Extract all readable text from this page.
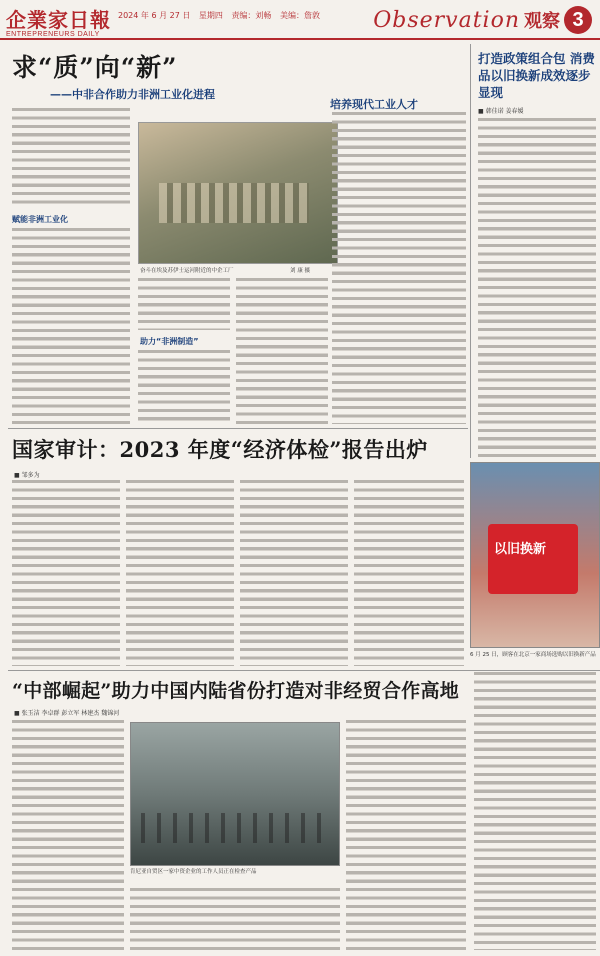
企業家日報
ENTREPRENEURS DAILY
2024 年 6 月 27 日 星期四 责编：刘畅 美编：詹敦 Observation 观察 3
求“质”向“新”
——中非合作助力非洲工业化进程
赋能非洲工业化
奋斗在埃及苏伊士运河附近的中企工厂	刘 康 摄
助力“非洲制造”
培养现代工业人才
打造政策组合包 消费品以旧换新成效逐步显现
■ 韩佳诺 姜春媛
国家审计：2023 年度“经济体检”报告出炉
■ 邹多为
以旧换新
6 月 25 日，顾客在北京一家商场选购以旧换新产品
“中部崛起”助力中国内陆省份打造对非经贸合作高地
■ 张玉洁 李卓群 彭立军 林建杰 魏锦河
肯尼亚自贸区一家中资企业的工作人员正在检查产品
